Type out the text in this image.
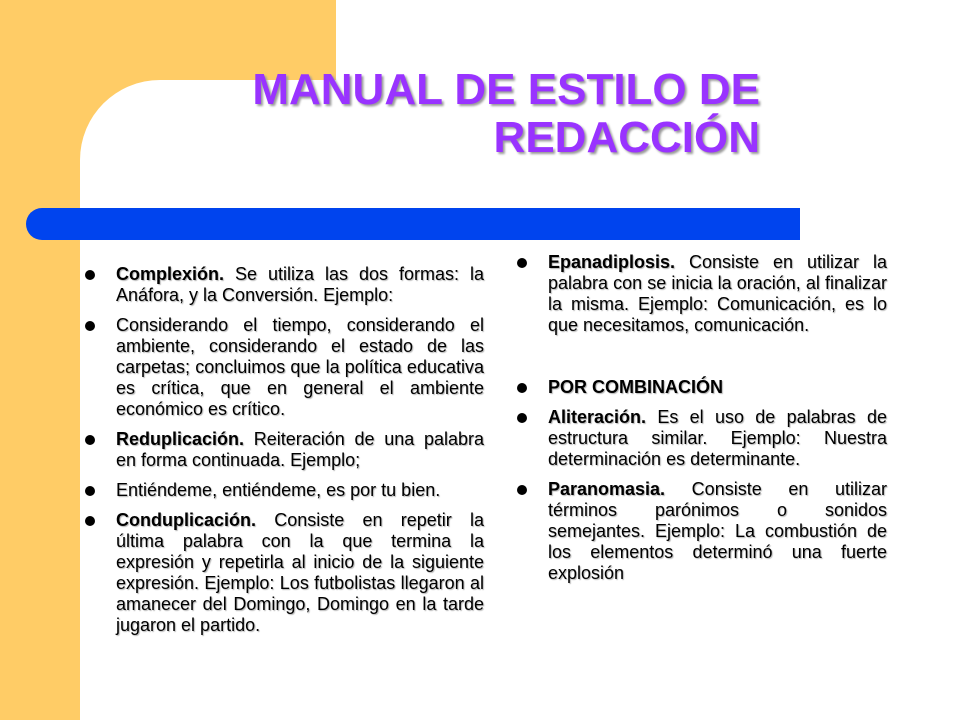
MANUAL DE ESTILO DE
REDACCIÓN
Complexión. Se utiliza las dos formas: la Anáfora, y la Conversión. Ejemplo:
Considerando el tiempo, considerando el ambiente, considerando el estado de las carpetas; concluimos que la política educativa es crítica, que en general el ambiente económico es crítico.
Reduplicación. Reiteración de una palabra en forma continuada. Ejemplo;
Entiéndeme, entiéndeme, es por tu bien.
Conduplicación. Consiste en repetir la última palabra con la que termina la expresión y repetirla al inicio de la siguiente expresión. Ejemplo: Los futbolistas llegaron al amanecer del Domingo, Domingo en la tarde jugaron el partido.
Epanadiplosis. Consiste en utilizar la palabra con se inicia la oración, al finalizar la misma. Ejemplo: Comunicación, es lo que necesitamos, comunicación.
POR COMBINACIÓN
Aliteración. Es el uso de palabras de estructura similar. Ejemplo: Nuestra determinación es determinante.
Paranomasia. Consiste en utilizar términos parónimos o sonidos semejantes. Ejemplo: La combustión de los elementos determinó una fuerte explosión
